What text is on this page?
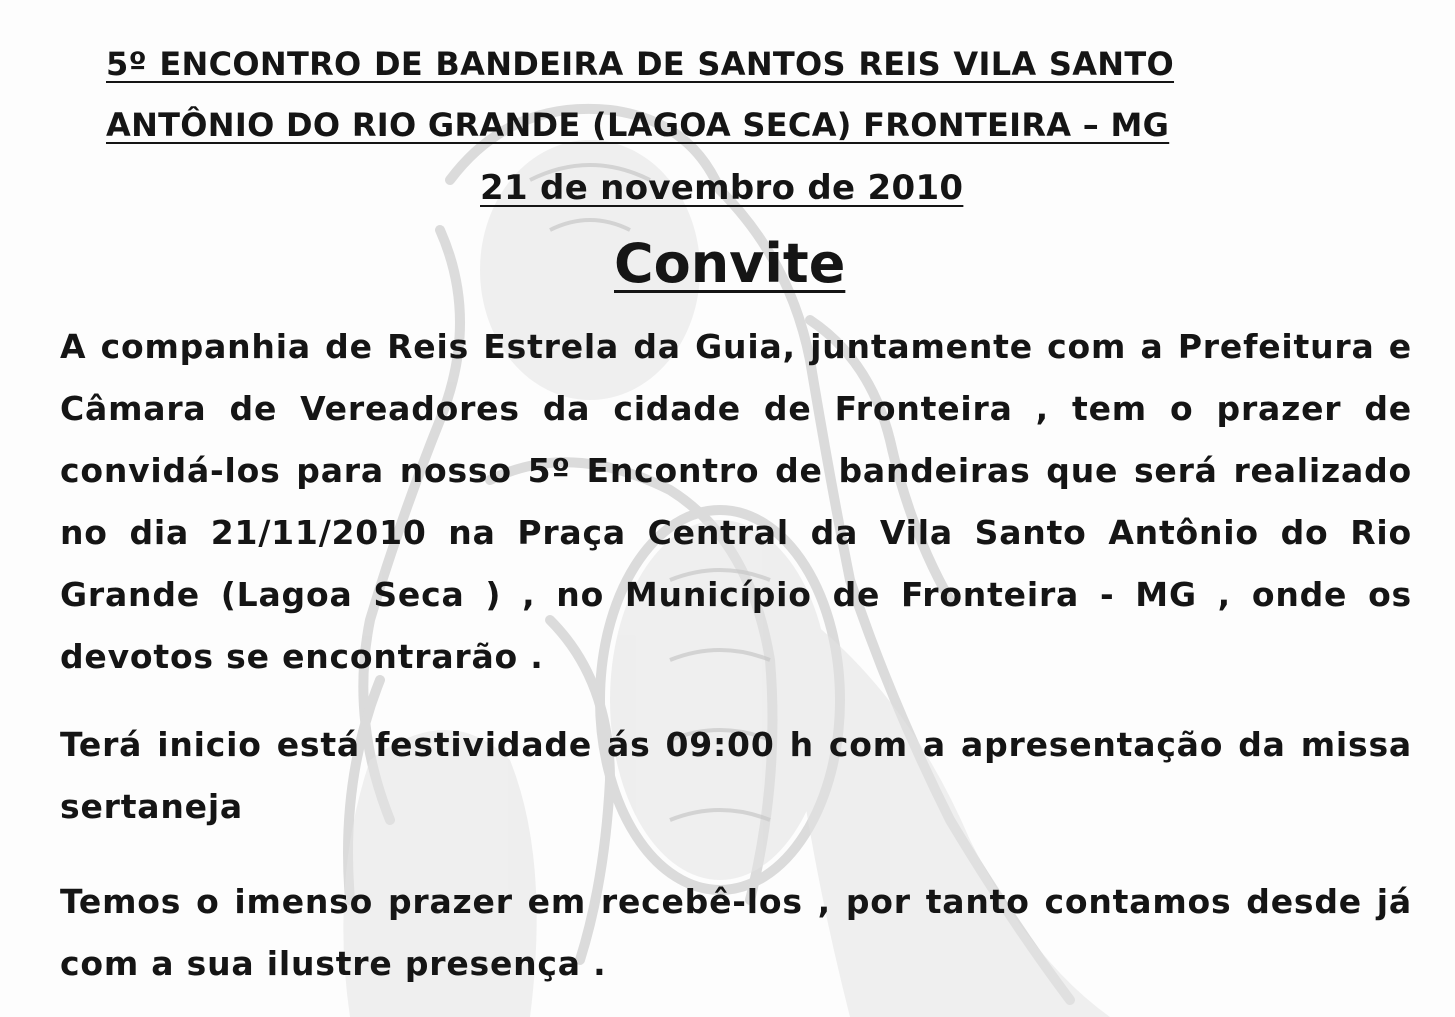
5º ENCONTRO DE BANDEIRA DE SANTOS REIS VILA SANTO
ANTÔNIO DO RIO GRANDE (LAGOA SECA) FRONTEIRA – MG
21 de novembro de 2010
Convite
A companhia de Reis Estrela da Guia, juntamente com a Prefeitura e Câmara de Vereadores da cidade de Fronteira , tem o prazer de convidá-los para nosso 5º Encontro de bandeiras que será realizado no dia 21/11/2010 na Praça Central da Vila Santo Antônio do Rio Grande (Lagoa Seca ) , no Município de Fronteira - MG , onde os devotos se encontrarão .
Terá inicio está festividade ás 09:00 h com a apresentação da missa sertaneja
Temos o imenso prazer em recebê-los , por tanto contamos desde já com a sua ilustre presença .
